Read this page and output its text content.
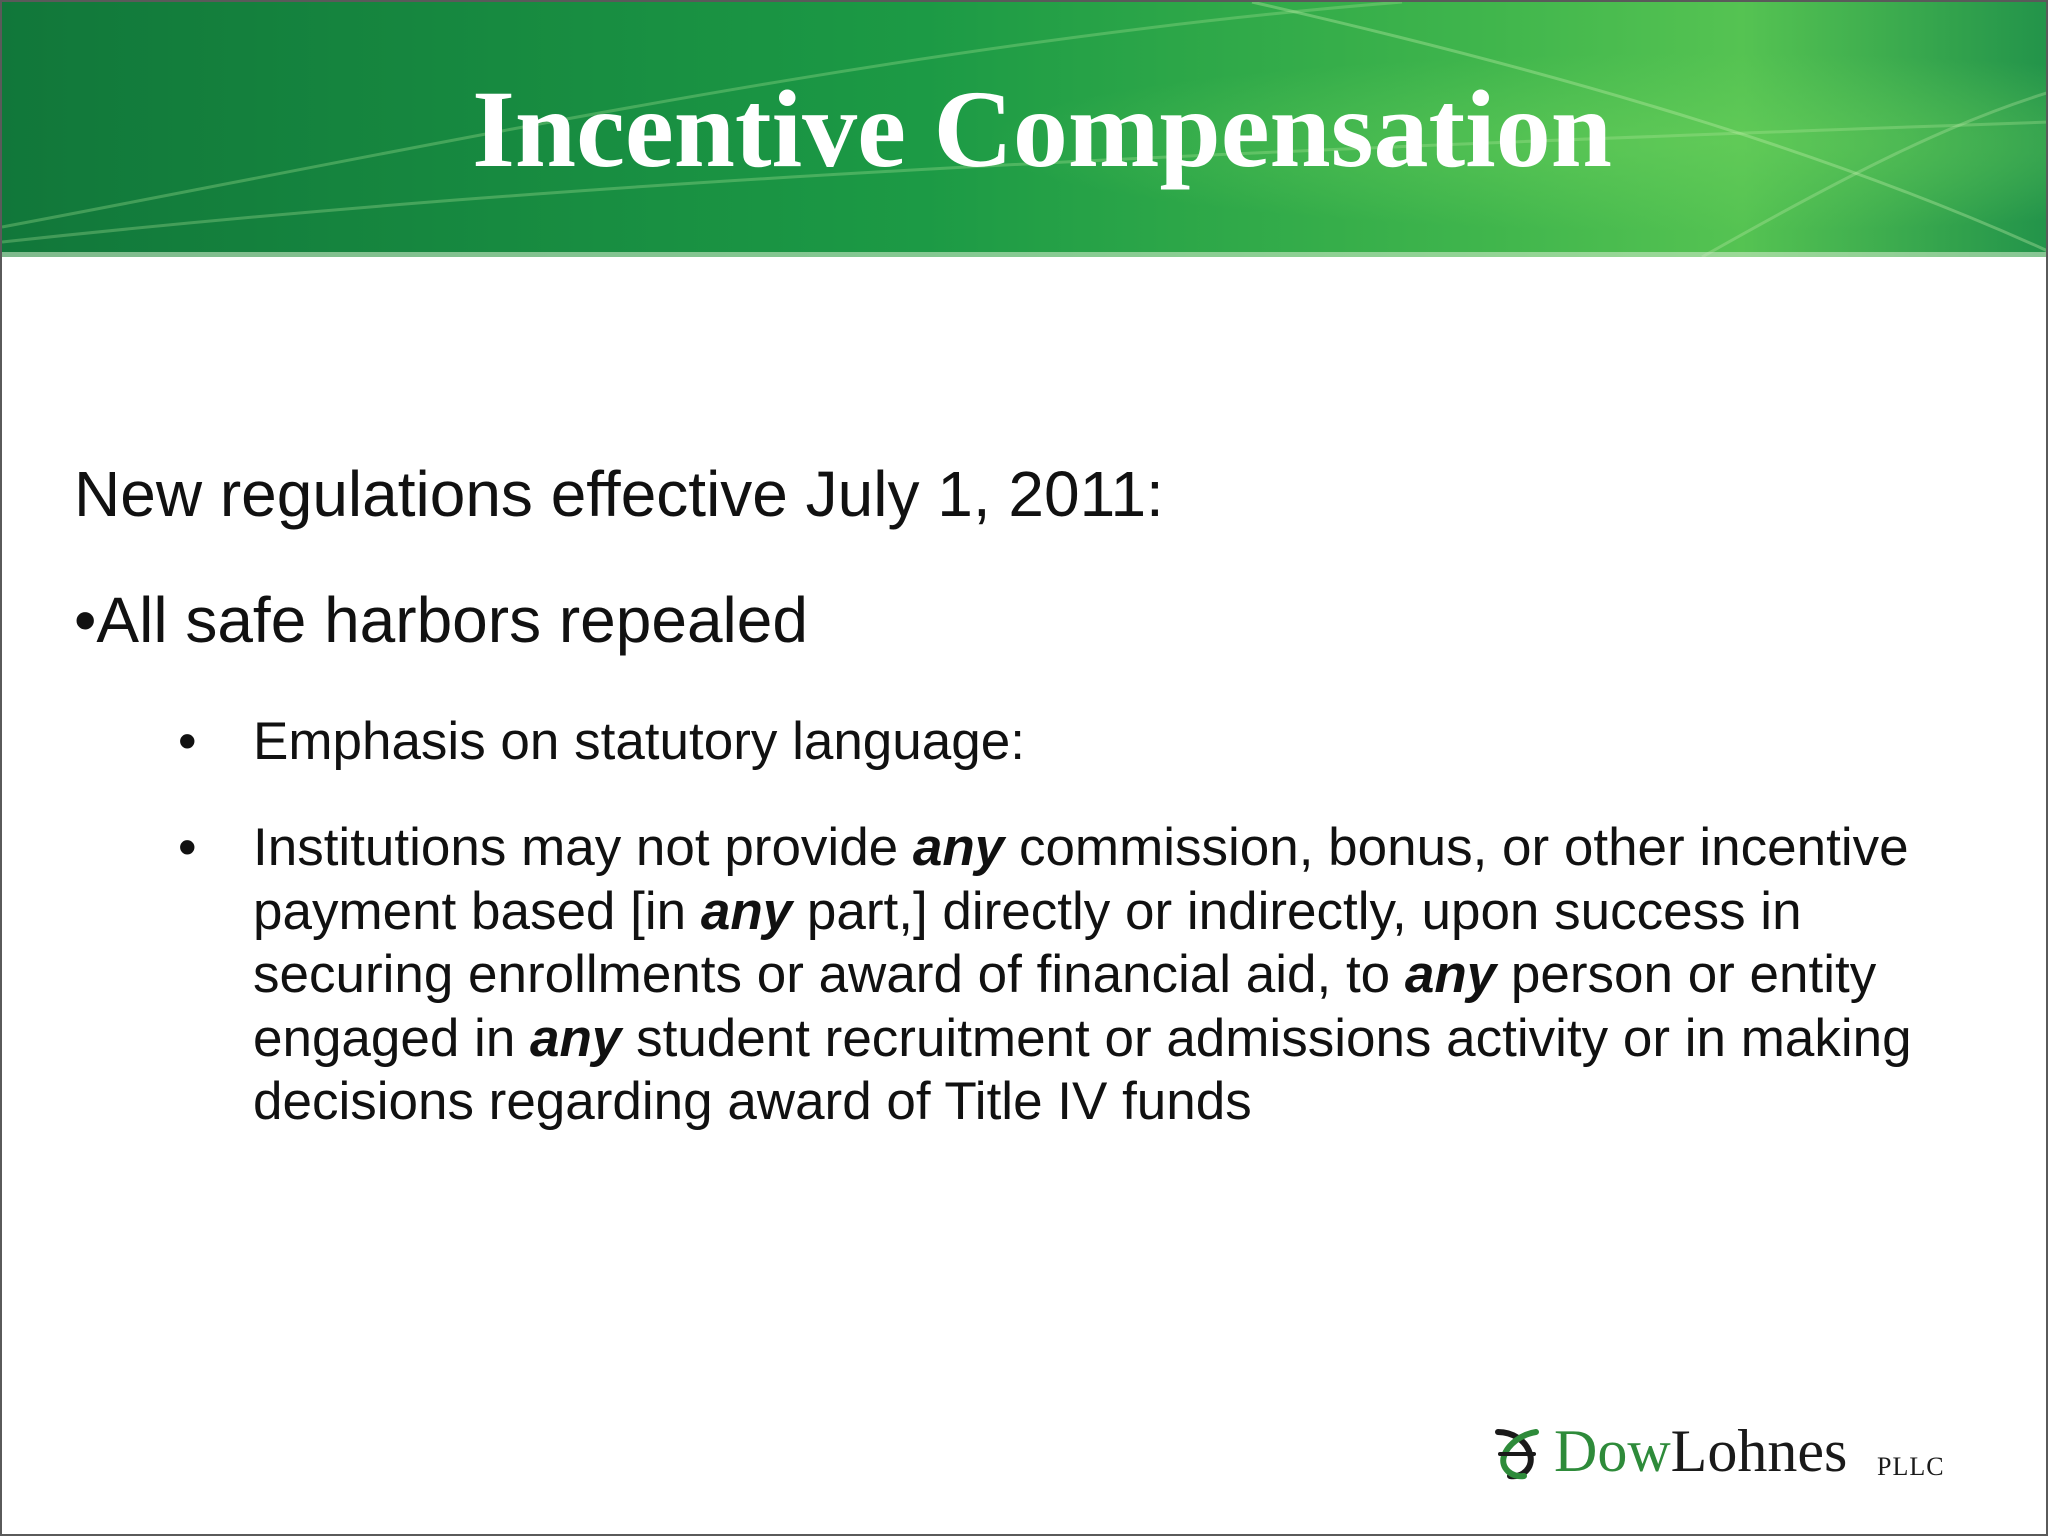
Incentive Compensation

New regulations effective July 1, 2011:

•All safe harbors repealed

• Emphasis on statutory language:
• Institutions may not provide any commission, bonus, or other incentive payment based [in any part,] directly or indirectly, upon success in securing enrollments or award of financial aid, to any person or entity engaged in any student recruitment or admissions activity or in making decisions regarding award of Title IV funds
DowLohnes PLLC
